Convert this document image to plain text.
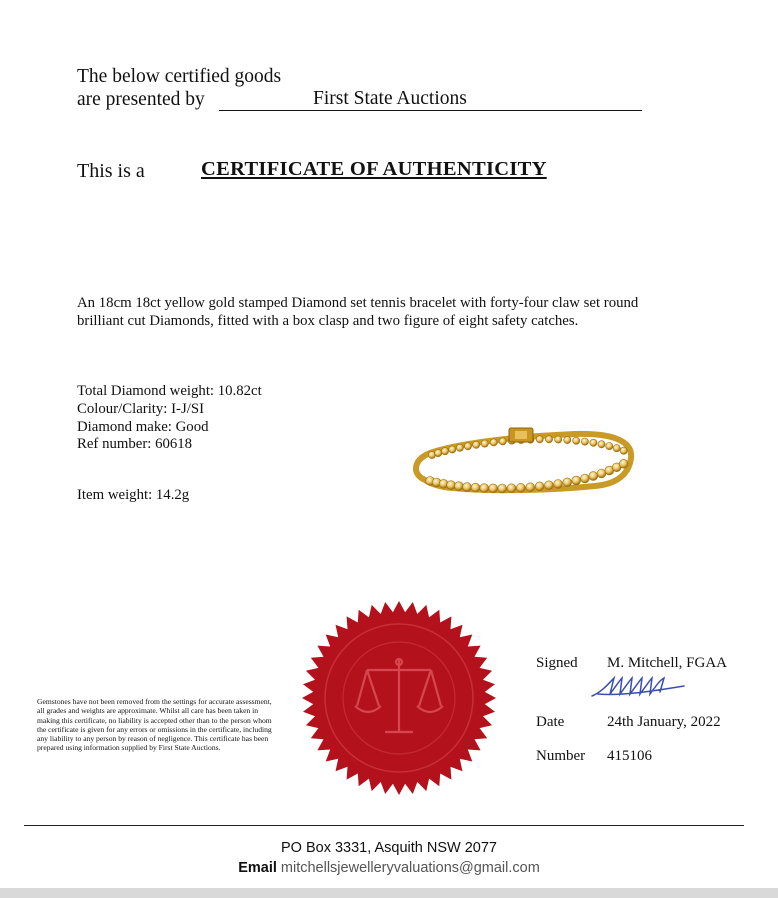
The below certified goods
are presented by	First State Auctions
This is a	CERTIFICATE OF AUTHENTICITY
An 18cm 18ct yellow gold stamped Diamond set tennis bracelet with forty-four claw set round brilliant cut Diamonds, fitted with a box clasp and two figure of eight safety catches.
Total Diamond weight: 10.82ct
Colour/Clarity: I-J/SI
Diamond make: Good
Ref number: 60618
Item weight: 14.2g
Gemstones have not been removed from the settings for accurate assessment, all grades and weights are approximate. Whilst all care has been taken in making this certificate, no liability is accepted other than to the person whom the certificate is given for any errors or omissions in the certificate, including any liability to any person by reason of negligence. This certificate has been prepared using information supplied by First State Auctions.
Signed M. Mitchell, FGAA
Date	24th January, 2022
Number 415106
PO Box 3331, Asquith NSW 2077
Email mitchellsjewelleryvaluations@gmail.com
